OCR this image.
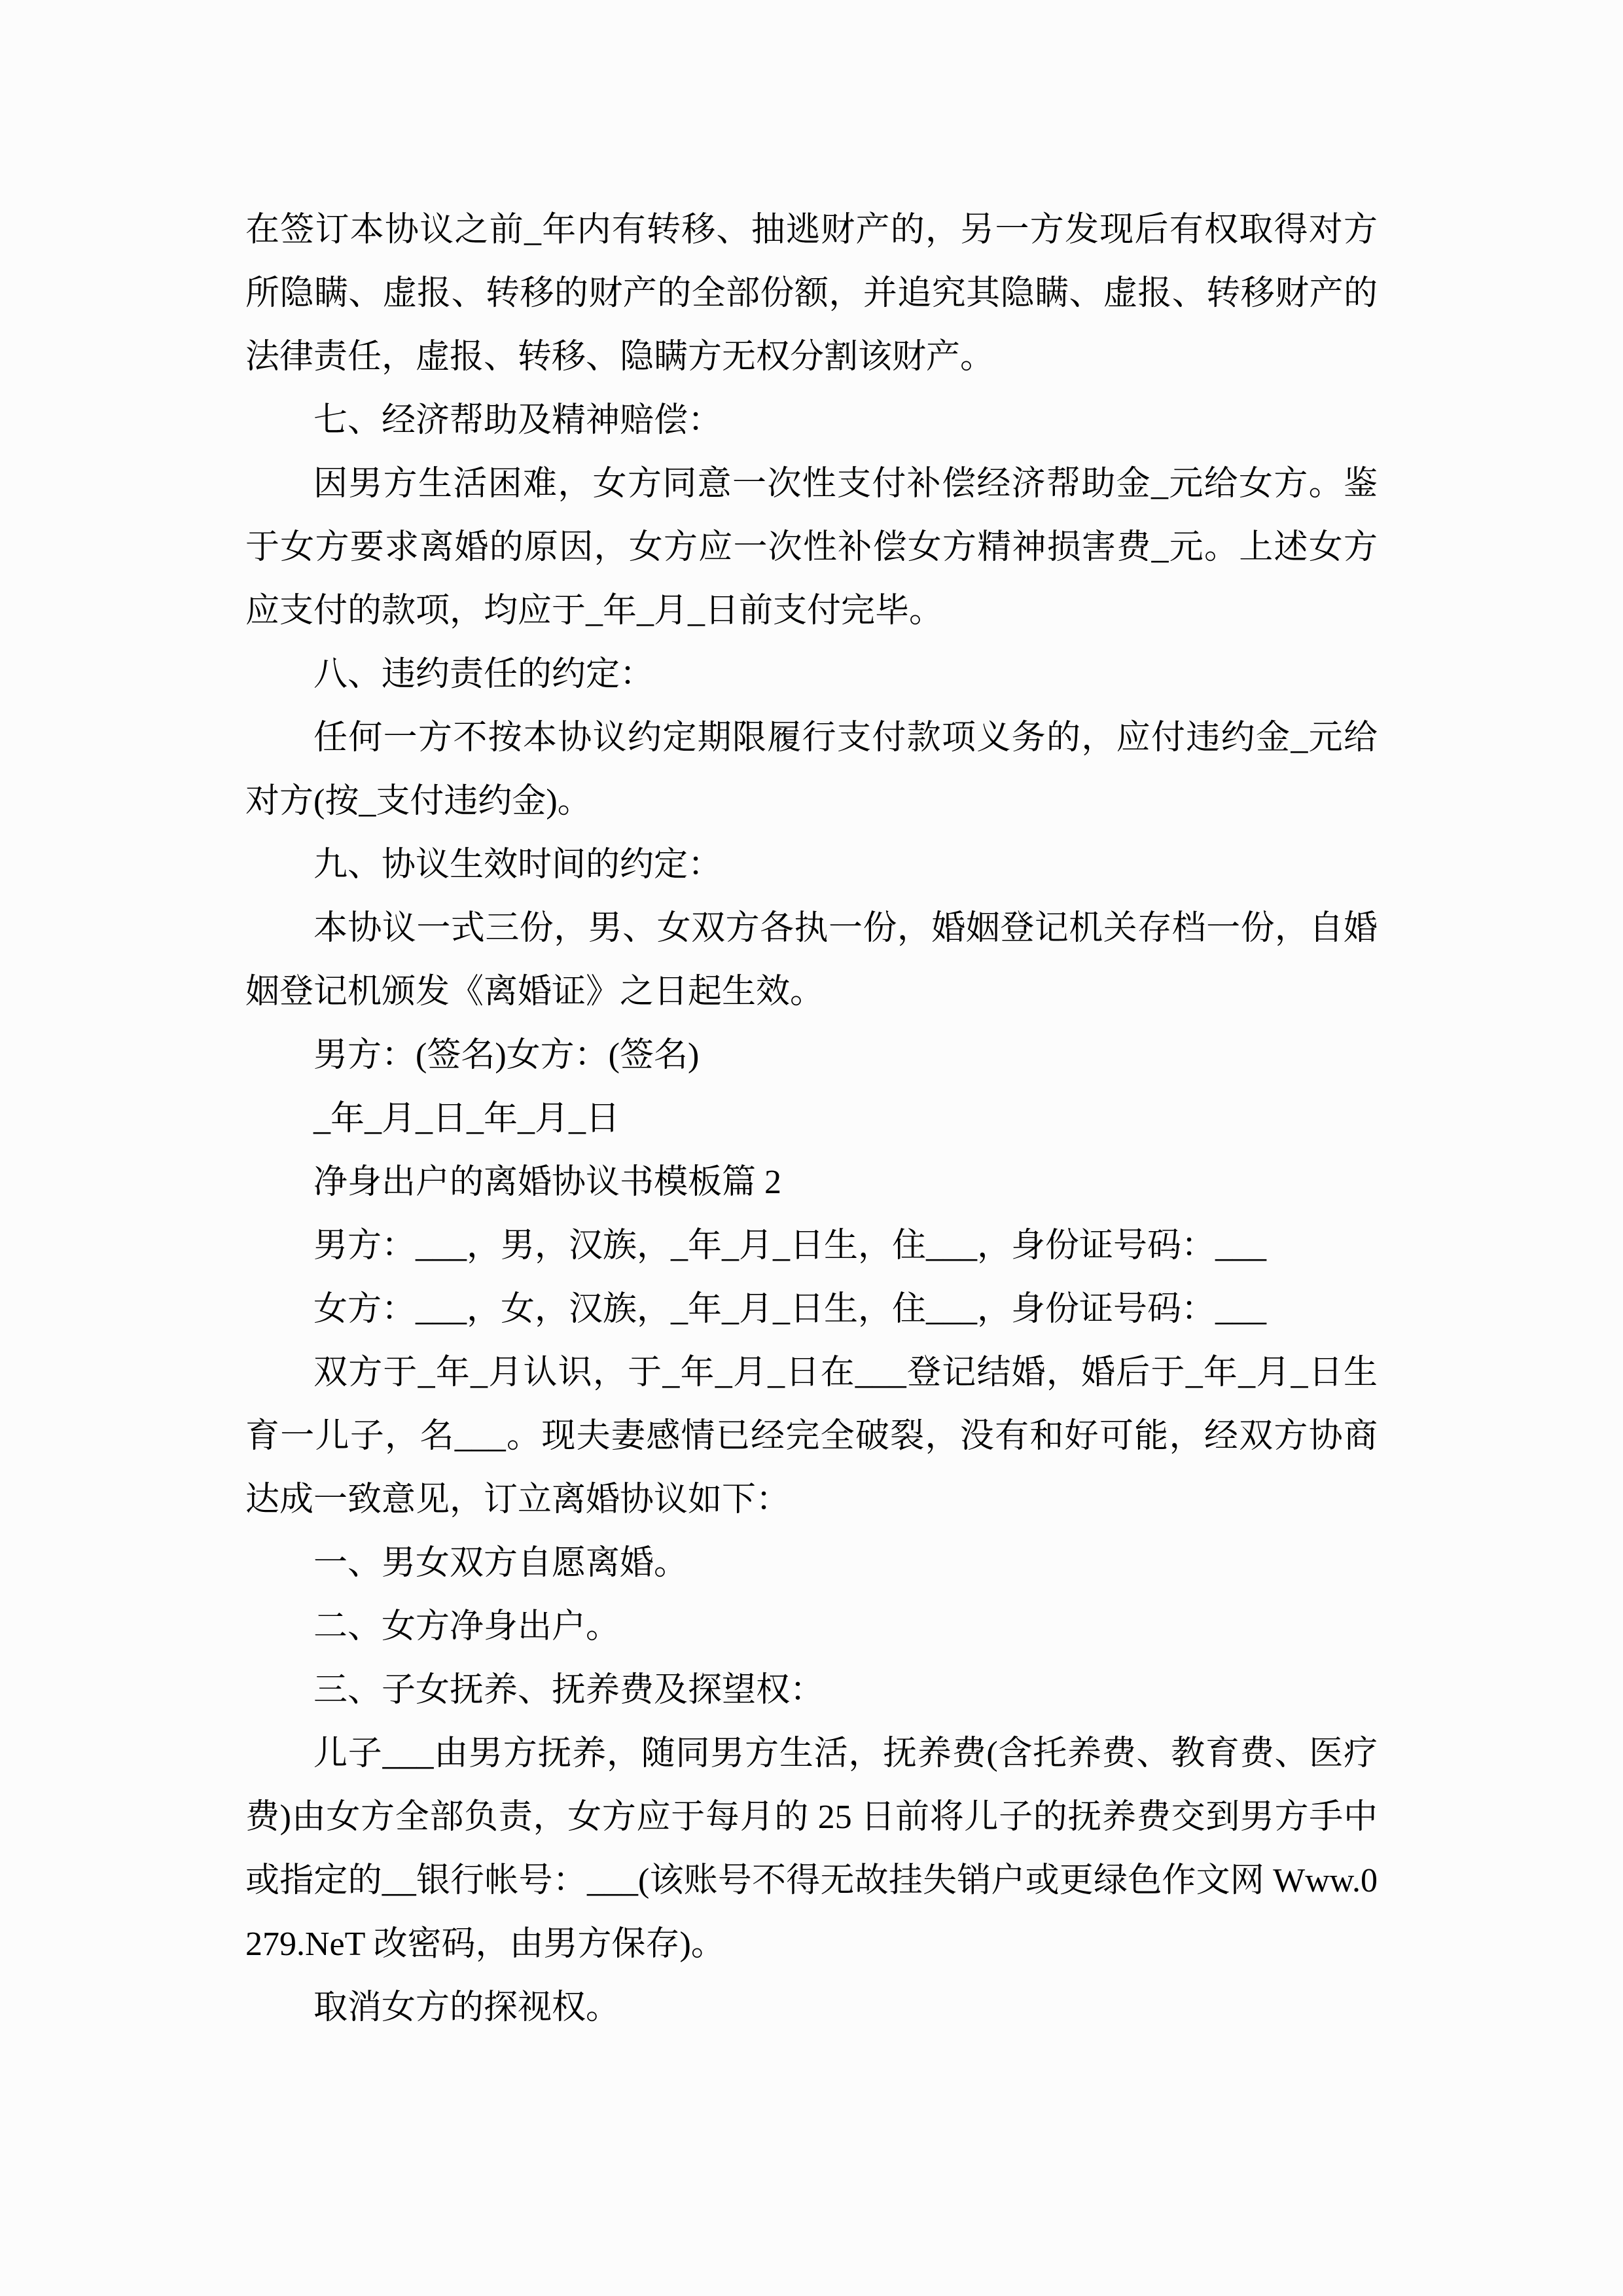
在签订本协议之前_年内有转移、抽逃财产的，另一方发现后有权取得对方所隐瞒、虚报、转移的财产的全部份额，并追究其隐瞒、虚报、转移财产的法律责任，虚报、转移、隐瞒方无权分割该财产。

七、经济帮助及精神赔偿：

因男方生活困难，女方同意一次性支付补偿经济帮助金_元给女方。鉴于女方要求离婚的原因，女方应一次性补偿女方精神损害费_元。上述女方应支付的款项，均应于_年_月_日前支付完毕。

八、违约责任的约定：

任何一方不按本协议约定期限履行支付款项义务的，应付违约金_元给对方(按_支付违约金)。

九、协议生效时间的约定：

本协议一式三份，男、女双方各执一份，婚姻登记机关存档一份，自婚姻登记机颁发《离婚证》之日起生效。

男方：(签名)女方：(签名)

_年_月_日_年_月_日

净身出户的离婚协议书模板篇 2

男方：___，男，汉族，_年_月_日生，住___，身份证号码：___

女方：___，女，汉族，_年_月_日生，住___，身份证号码：___

双方于_年_月认识，于_年_月_日在___登记结婚，婚后于_年_月_日生育一儿子，名___。现夫妻感情已经完全破裂，没有和好可能，经双方协商达成一致意见，订立离婚协议如下：

一、男女双方自愿离婚。

二、女方净身出户。

三、子女抚养、抚养费及探望权：

儿子___由男方抚养，随同男方生活，抚养费(含托养费、教育费、医疗费)由女方全部负责，女方应于每月的 25 日前将儿子的抚养费交到男方手中或指定的__银行帐号：___(该账号不得无故挂失销户或更绿色作文网 Www.0279.NeT 改密码，由男方保存)。

取消女方的探视权。
